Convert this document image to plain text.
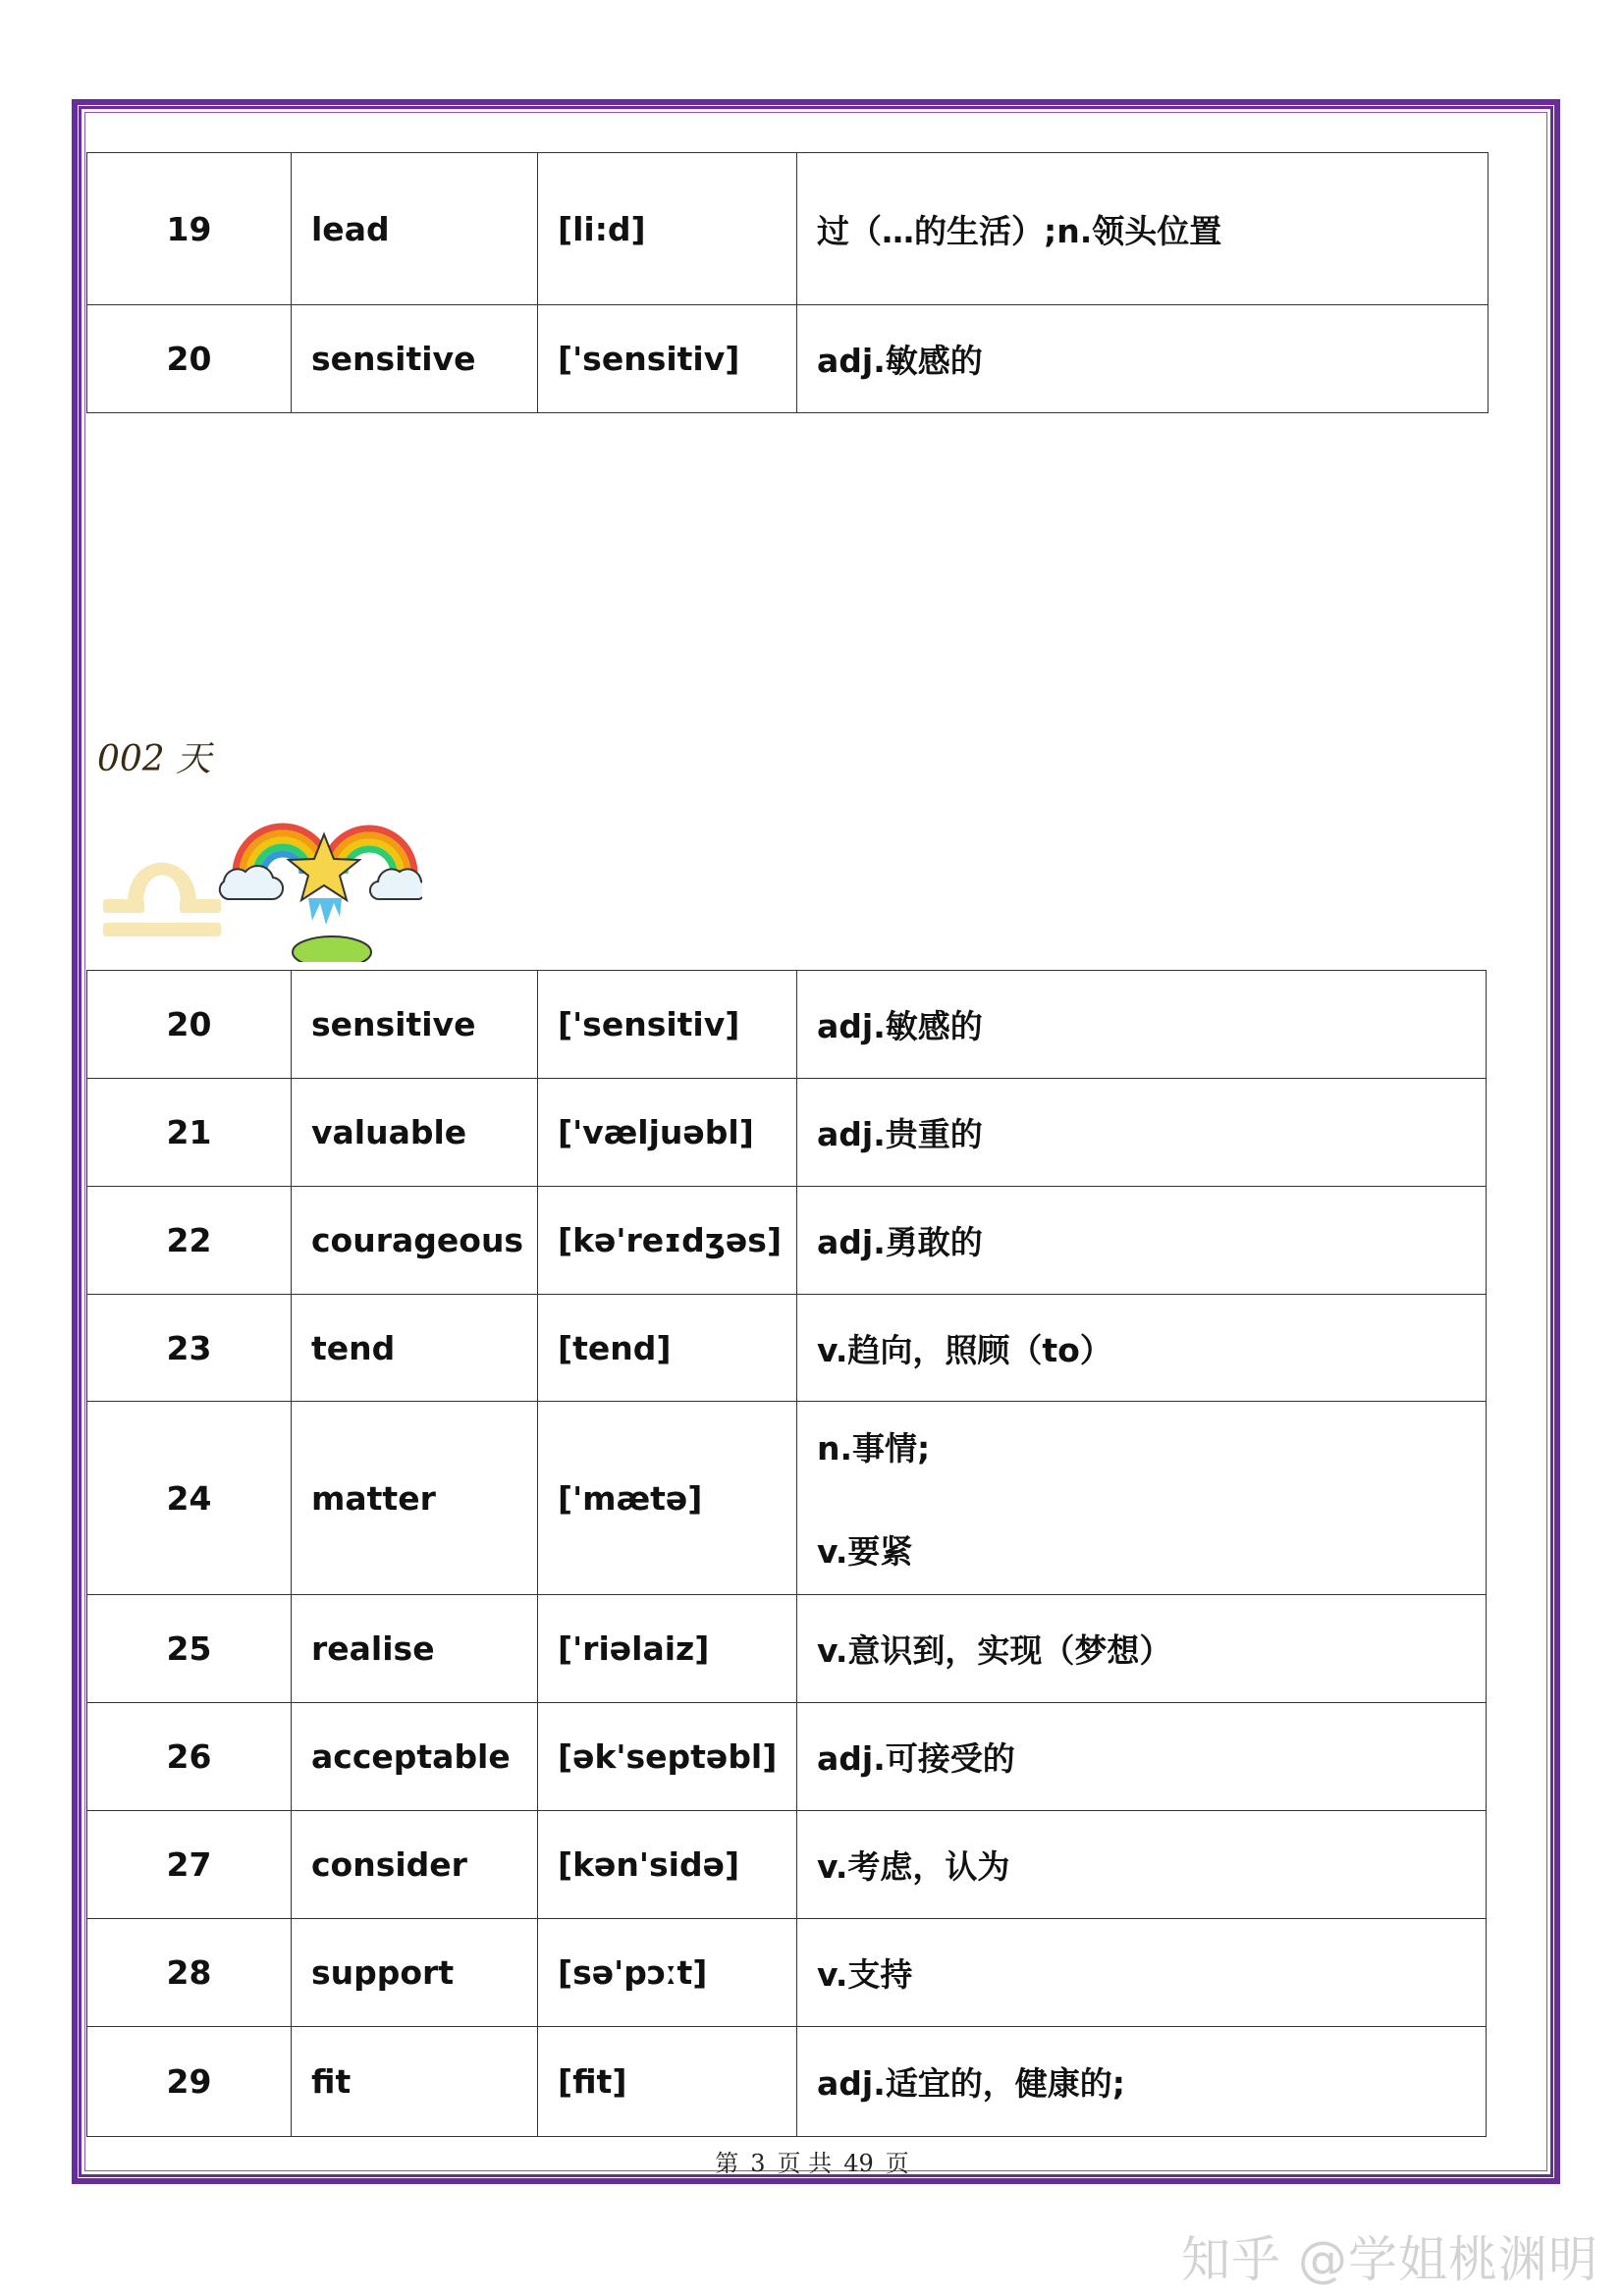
19	lead	[li:d]	过（…的生活）;n.领头位置

20	sensitive	['sensitiv]	adj.敏感的
002 天
20	sensitive	['sensitiv]	adj.敏感的

21	valuable	['væljuəbl]	adj.贵重的

22	courageous	[kə'reɪdʒəs]	adj.勇敢的

23	tend	[tend]	v.趋向，照顾（to）

24	matter	['mætə]	n.事情;
v.要紧

25	realise	['riəlaiz]	v.意识到，实现（梦想）

26	acceptable	[ək'septəbl]	adj.可接受的

27	consider	[kən'sidə]	v.考虑，认为

28	support	[sə'pɔːt]	v.支持

29	fit	[fit]	adj.适宜的，健康的;
第 3 页 共 49 页
知乎 @学姐桃渊明
